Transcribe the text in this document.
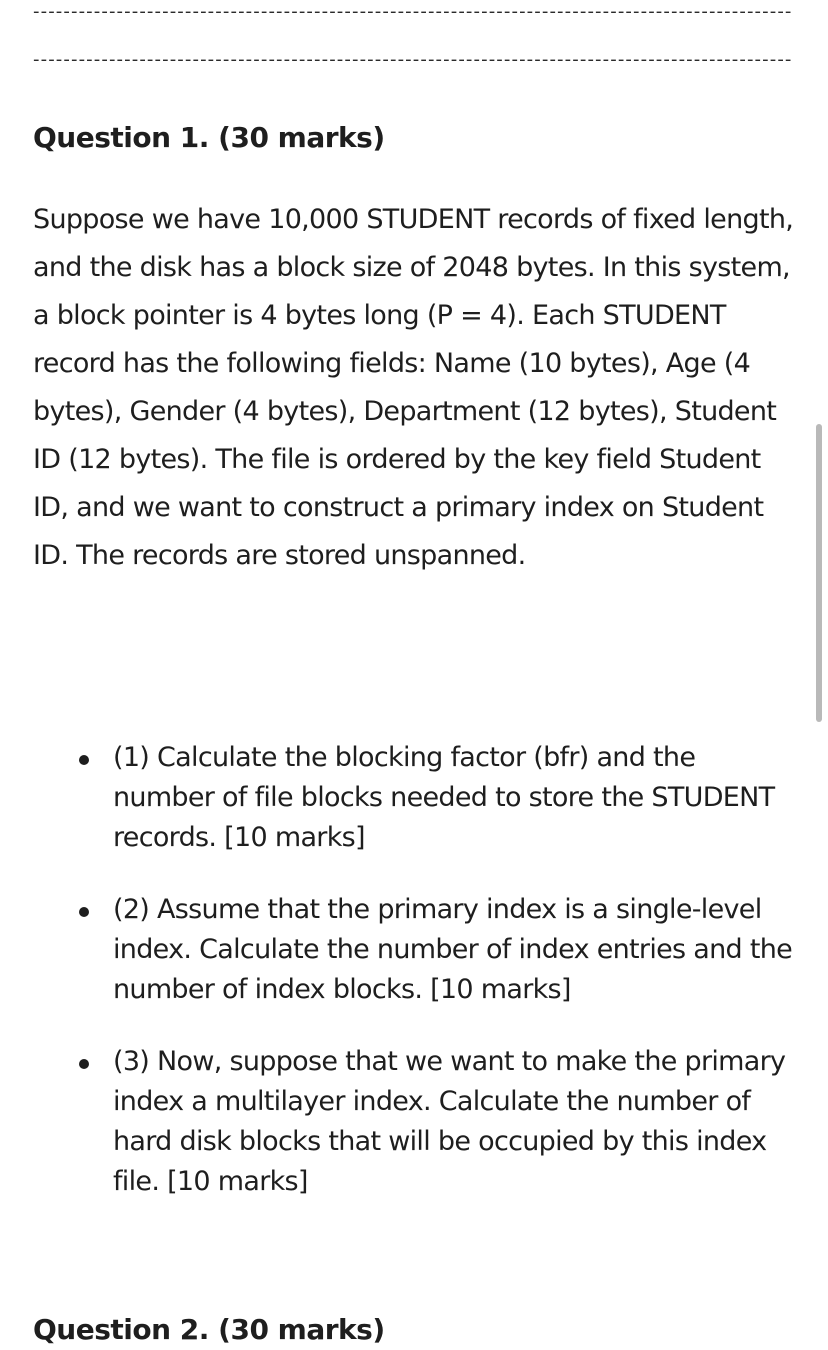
----------------------------------------------------------------------------------------------------
----------------------------------------------------------------------------------------------------
Question 1. (30 marks)

Suppose we have 10,000 STUDENT records of fixed length, and the disk has a block size of 2048 bytes. In this system, a block pointer is 4 bytes long (P = 4). Each STUDENT record has the following fields: Name (10 bytes), Age (4 bytes), Gender (4 bytes), Department (12 bytes), Student ID (12 bytes). The file is ordered by the key field Student ID, and we want to construct a primary index on Student ID. The records are stored unspanned.

(1) Calculate the blocking factor (bfr) and the number of file blocks needed to store the STUDENT records. [10 marks]
(2) Assume that the primary index is a single-level index. Calculate the number of index entries and the number of index blocks. [10 marks]
(3) Now, suppose that we want to make the primary index a multilayer index. Calculate the number of hard disk blocks that will be occupied by this index file. [10 marks]
Question 2. (30 marks)
